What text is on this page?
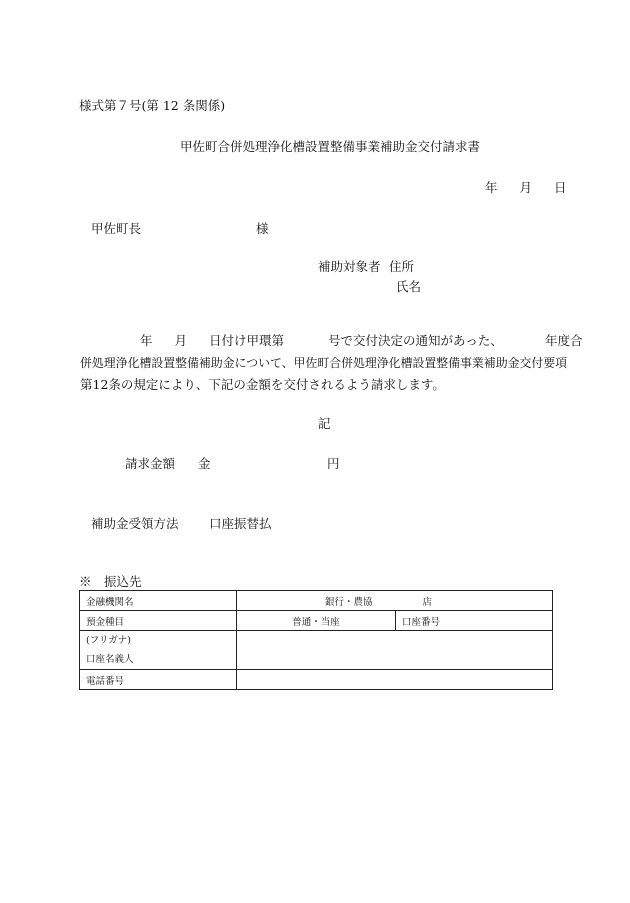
様式第７号(第 12 条関係)
甲佐町合併処理浄化槽設置整備事業補助金交付請求書
年 月 日
甲佐町長	様
補助対象者 住所
氏名
年 月 日付け甲環第	号で交付決定の通知があった、	年度合
併処理浄化槽設置整備補助金について、甲佐町合併処理浄化槽設置整備事業補助金交付要項
第12条の規定により、下記の金額を交付されるよう請求します。
記
請求金額 金	円
補助金受領方法 口座振替払
※　振込先
金融機関名	銀行・農協 店	
預金種目	普通・当座	口座番号

(フリガナ)
口座名義人		

電話番号		
